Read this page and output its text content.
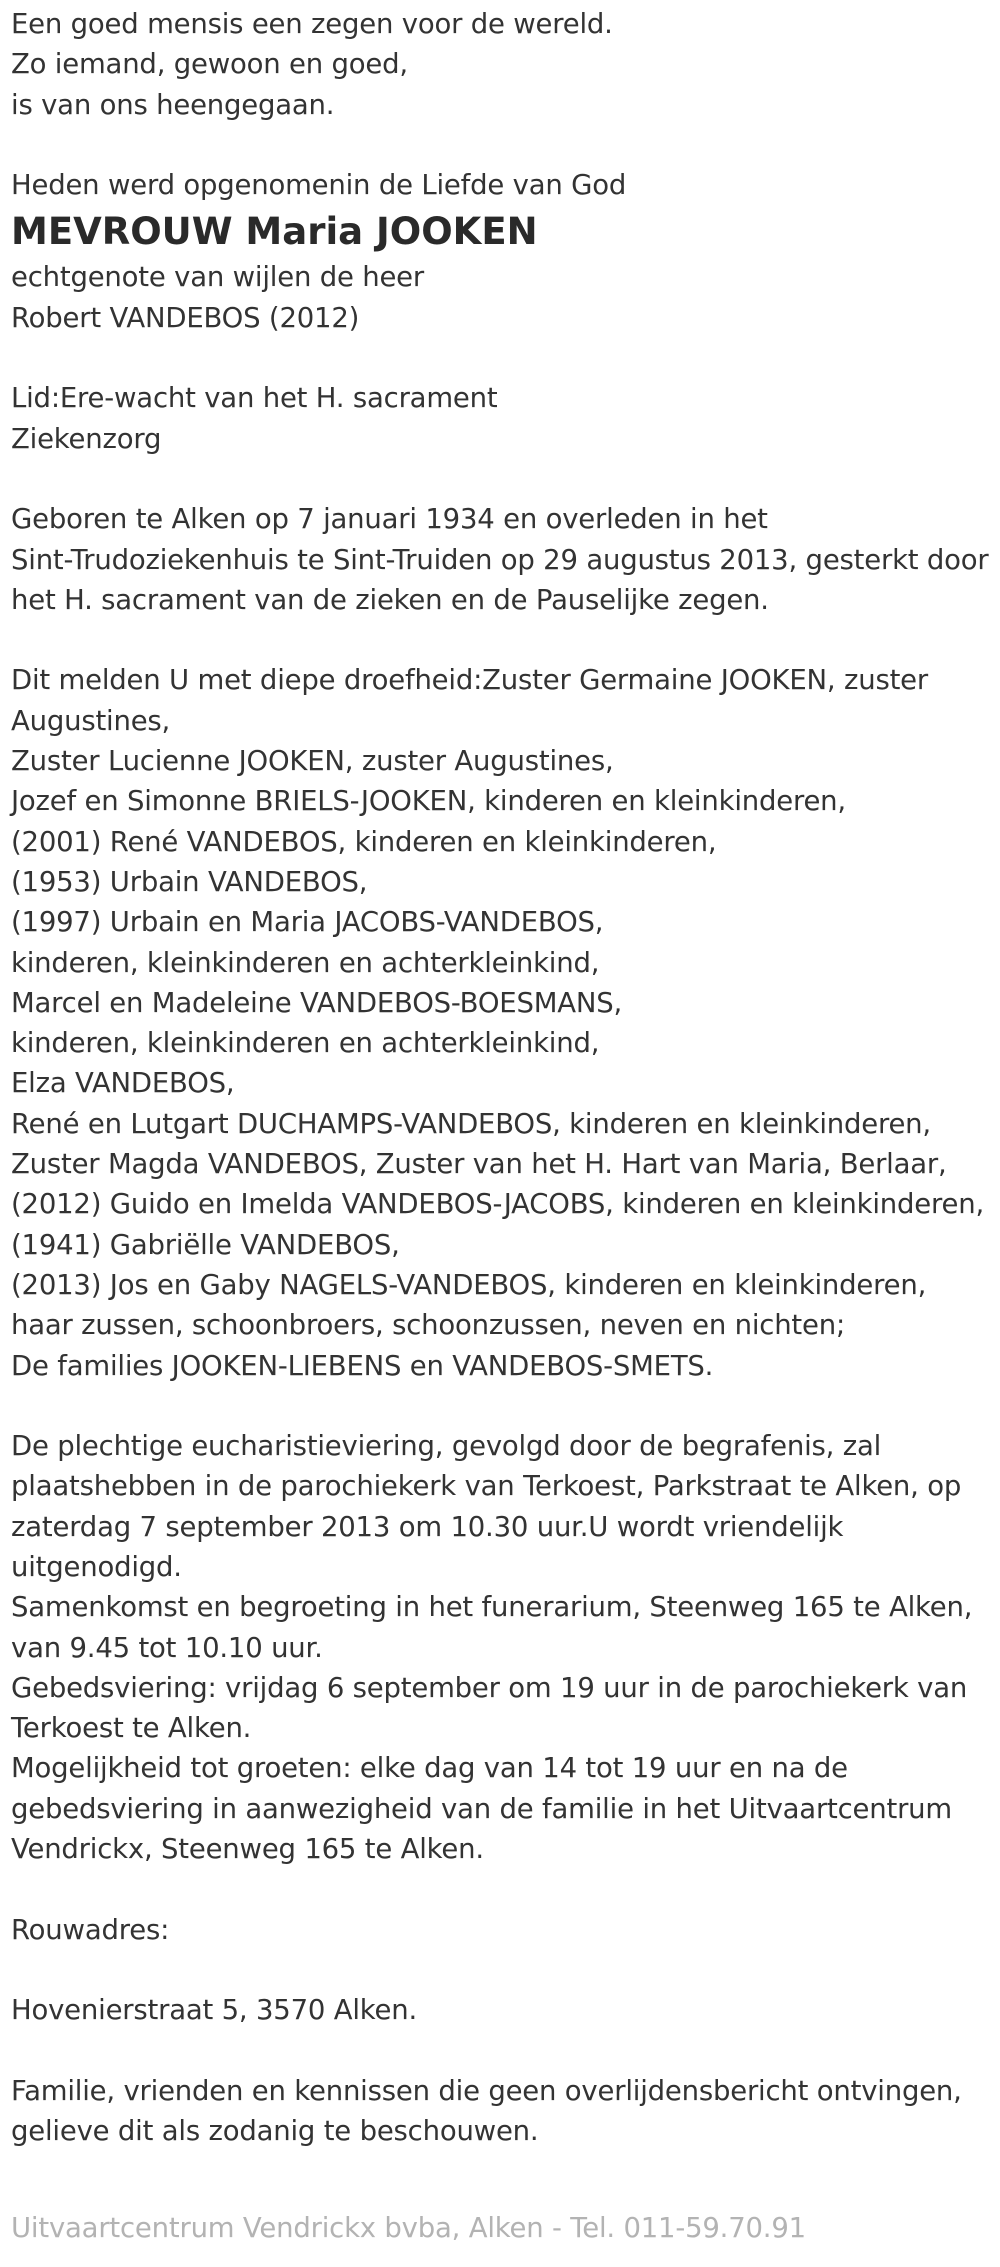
Een goed mensis een zegen voor de wereld.
Zo iemand, gewoon en goed,
is van ons heengegaan.
Heden werd opgenomenin de Liefde van God
MEVROUW Maria JOOKEN
echtgenote van wijlen de heer
Robert VANDEBOS (2012)
Lid:Ere-wacht van het H. sacrament
Ziekenzorg
Geboren te Alken op 7 januari 1934 en overleden in het
Sint-Trudoziekenhuis te Sint-Truiden op 29 augustus 2013, gesterkt door
het H. sacrament van de zieken en de Pauselijke zegen.
Dit melden U met diepe droefheid:Zuster Germaine JOOKEN, zuster
Augustines,
Zuster Lucienne JOOKEN, zuster Augustines,
Jozef en Simonne BRIELS-JOOKEN, kinderen en kleinkinderen,
(2001) René VANDEBOS, kinderen en kleinkinderen,
(1953) Urbain VANDEBOS,
(1997) Urbain en Maria JACOBS-VANDEBOS,
kinderen, kleinkinderen en achterkleinkind,
Marcel en Madeleine VANDEBOS-BOESMANS,
kinderen, kleinkinderen en achterkleinkind,
Elza VANDEBOS,
René en Lutgart DUCHAMPS-VANDEBOS, kinderen en kleinkinderen,
Zuster Magda VANDEBOS, Zuster van het H. Hart van Maria, Berlaar,
(2012) Guido en Imelda VANDEBOS-JACOBS, kinderen en kleinkinderen,
(1941) Gabriëlle VANDEBOS,
(2013) Jos en Gaby NAGELS-VANDEBOS, kinderen en kleinkinderen,
haar zussen, schoonbroers, schoonzussen, neven en nichten;
De families JOOKEN-LIEBENS en VANDEBOS-SMETS.
De plechtige eucharistieviering, gevolgd door de begrafenis, zal
plaatshebben in de parochiekerk van Terkoest, Parkstraat te Alken, op
zaterdag 7 september 2013 om 10.30 uur.U wordt vriendelijk
uitgenodigd.
Samenkomst en begroeting in het funerarium, Steenweg 165 te Alken,
van 9.45 tot 10.10 uur.
Gebedsviering: vrijdag 6 september om 19 uur in de parochiekerk van
Terkoest te Alken.
Mogelijkheid tot groeten: elke dag van 14 tot 19 uur en na de
gebedsviering in aanwezigheid van de familie in het Uitvaartcentrum
Vendrickx, Steenweg 165 te Alken.
Rouwadres:
Hovenierstraat 5, 3570 Alken.
Familie, vrienden en kennissen die geen overlijdensbericht ontvingen,
gelieve dit als zodanig te beschouwen.
Uitvaartcentrum Vendrickx bvba, Alken - Tel. 011-59.70.91
